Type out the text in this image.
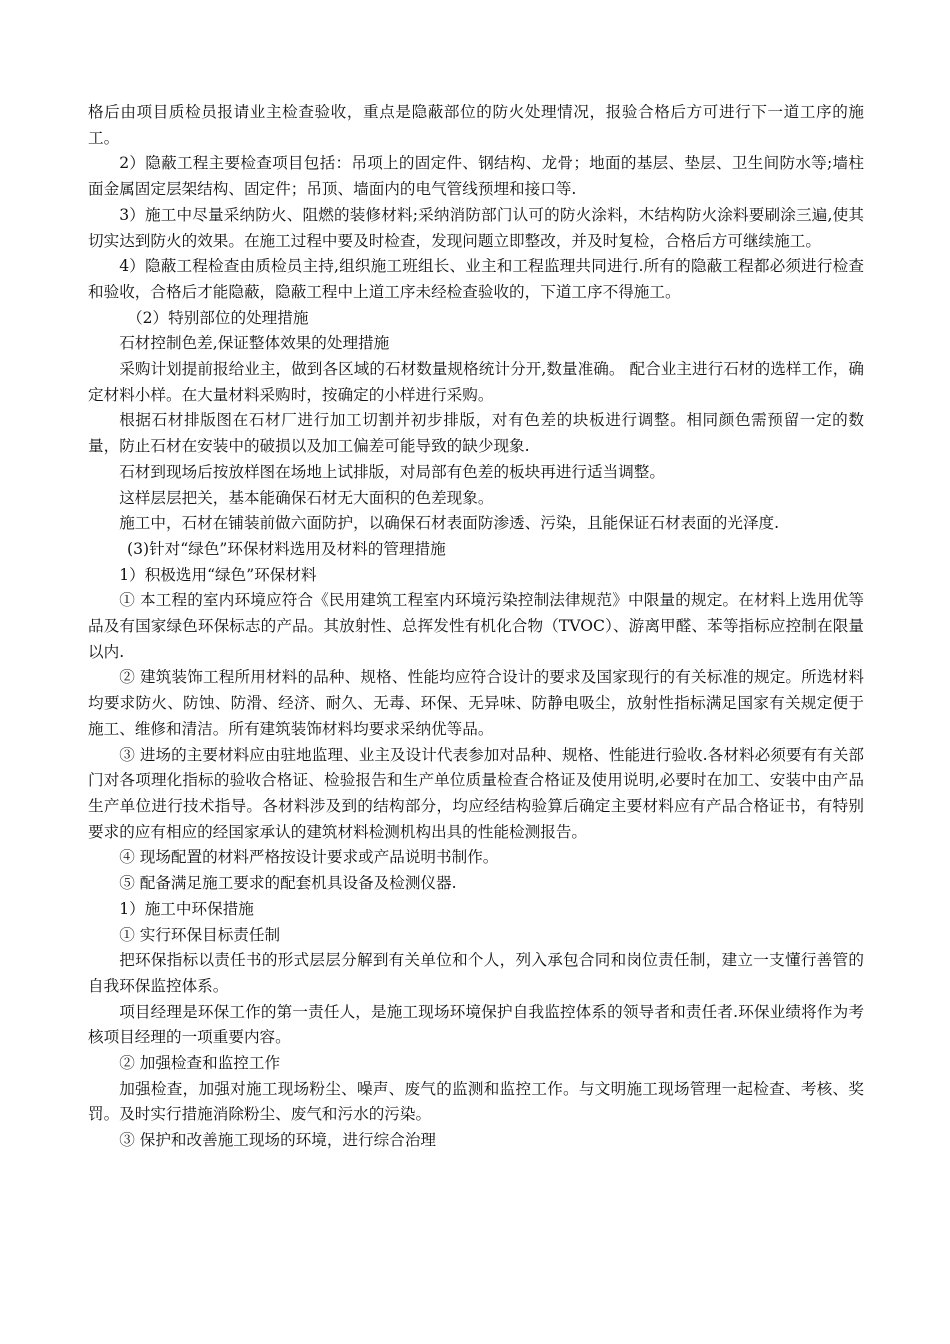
格后由项目质检员报请业主检查验收，重点是隐蔽部位的防火处理情况，报验合格后方可进行下一道工序的施工。

2）隐蔽工程主要检查项目包括：吊项上的固定件、钢结构、龙骨；地面的基层、垫层、卫生间防水等;墙柱面金属固定层架结构、固定件；吊顶、墙面内的电气管线预埋和接口等.

3）施工中尽量采纳防火、阻燃的装修材料;采纳消防部门认可的防火涂料，木结构防火涂料要刷涂三遍,使其切实达到防火的效果。在施工过程中要及时检查，发现问题立即整改，并及时复检，合格后方可继续施工。

4）隐蔽工程检查由质检员主持,组织施工班组长、业主和工程监理共同进行.所有的隐蔽工程都必须进行检查和验收，合格后才能隐蔽，隐蔽工程中上道工序未经检查验收的，下道工序不得施工。

（2）特别部位的处理措施

石材控制色差,保证整体效果的处理措施

采购计划提前报给业主，做到各区域的石材数量规格统计分开,数量准确。 配合业主进行石材的选样工作，确定材料小样。在大量材料采购时，按确定的小样进行采购。

根据石材排版图在石材厂进行加工切割并初步排版，对有色差的块板进行调整。相同颜色需预留一定的数量，防止石材在安装中的破损以及加工偏差可能导致的缺少现象.

石材到现场后按放样图在场地上试排版，对局部有色差的板块再进行适当调整。

这样层层把关，基本能确保石材无大面积的色差现象。

施工中，石材在铺装前做六面防护，以确保石材表面防渗透、污染，且能保证石材表面的光泽度.

(3)针对“绿色”环保材料选用及材料的管理措施

1）积极选用“绿色”环保材料

① 本工程的室内环境应符合《民用建筑工程室内环境污染控制法律规范》中限量的规定。在材料上选用优等品及有国家绿色环保标志的产品。其放射性、总挥发性有机化合物（TVOC）、游离甲醛、苯等指标应控制在限量以内.

② 建筑装饰工程所用材料的品种、规格、性能均应符合设计的要求及国家现行的有关标准的规定。所选材料均要求防火、防蚀、防滑、经济、耐久、无毒、环保、无异味、防静电吸尘，放射性指标满足国家有关规定便于施工、维修和清洁。所有建筑装饰材料均要求采纳优等品。

③ 进场的主要材料应由驻地监理、业主及设计代表参加对品种、规格、性能进行验收.各材料必须要有有关部门对各项理化指标的验收合格证、检验报告和生产单位质量检查合格证及使用说明,必要时在加工、安装中由产品生产单位进行技术指导。各材料涉及到的结构部分，均应经结构验算后确定主要材料应有产品合格证书，有特别要求的应有相应的经国家承认的建筑材料检测机构出具的性能检测报告。

④ 现场配置的材料严格按设计要求或产品说明书制作。

⑤ 配备满足施工要求的配套机具设备及检测仪器.

1）施工中环保措施

① 实行环保目标责任制

把环保指标以责任书的形式层层分解到有关单位和个人，列入承包合同和岗位责任制，建立一支懂行善管的自我环保监控体系。

项目经理是环保工作的第一责任人，是施工现场环境保护自我监控体系的领导者和责任者.环保业绩将作为考核项目经理的一项重要内容。

② 加强检查和监控工作

加强检查，加强对施工现场粉尘、噪声、废气的监测和监控工作。与文明施工现场管理一起检查、考核、奖罚。及时实行措施消除粉尘、废气和污水的污染。

③ 保护和改善施工现场的环境，进行综合治理
